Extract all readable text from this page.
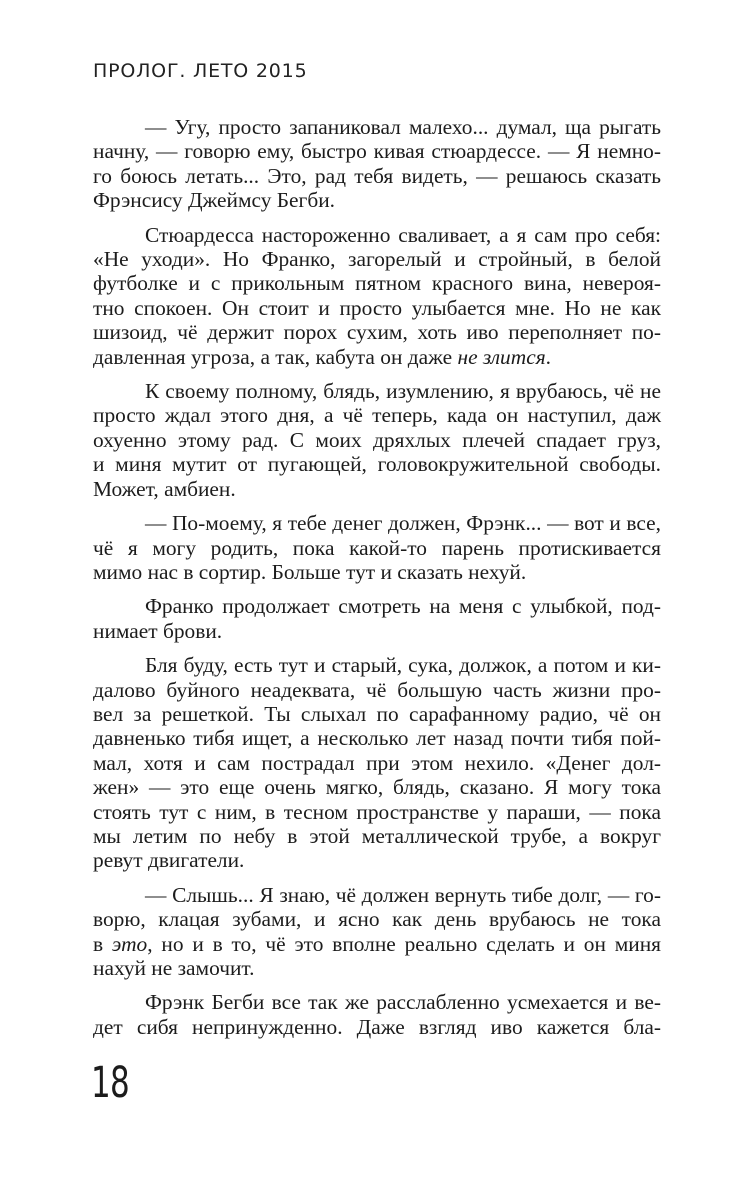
ПРОЛОГ. ЛЕТО 2015
— Угу, просто запаниковал малехо... думал, ща рыгать
начну, — говорю ему, быстро кивая стюардессе. — Я немно-
го боюсь летать... Это, рад тебя видеть, — решаюсь сказать
Фрэнсису Джеймсу Бегби.
Стюардесса настороженно сваливает, а я сам про себя:
«Не уходи». Но Франко, загорелый и стройный, в белой
футболке и с прикольным пятном красного вина, невероя-
тно спокоен. Он стоит и просто улыбается мне. Но не как
шизоид, чё держит порох сухим, хоть иво переполняет по-
давленная угроза, а так, кабута он даже не злится.
К своему полному, блядь, изумлению, я врубаюсь, чё не
просто ждал этого дня, а чё теперь, када он наступил, даж
охуенно этому рад. С моих дряхлых плечей спадает груз,
и миня мутит от пугающей, головокружительной свободы.
Может, амбиен.
— По-моему, я тебе денег должен, Фрэнк... — вот и все,
чё я могу родить, пока какой-то парень протискивается
мимо нас в сортир. Больше тут и сказать нехуй.
Франко продолжает смотреть на меня с улыбкой, под-
нимает брови.
Бля буду, есть тут и старый, сука, должок, а потом и ки-
далово буйного неадеквата, чё большую часть жизни про-
вел за решеткой. Ты слыхал по сарафанному радио, чё он
давненько тибя ищет, а несколько лет назад почти тибя пой-
мал, хотя и сам пострадал при этом нехило. «Денег дол-
жен» — это еще очень мягко, блядь, сказано. Я могу тока
стоять тут с ним, в тесном пространстве у параши, — пока
мы летим по небу в этой металлической трубе, а вокруг
ревут двигатели.
— Слышь... Я знаю, чё должен вернуть тибе долг, — го-
ворю, клацая зубами, и ясно как день врубаюсь не тока
в это, но и в то, чё это вполне реально сделать и он миня
нахуй не замочит.
Фрэнк Бегби все так же расслабленно усмехается и ве-
дет сибя непринужденно. Даже взгляд иво кажется бла-
18
